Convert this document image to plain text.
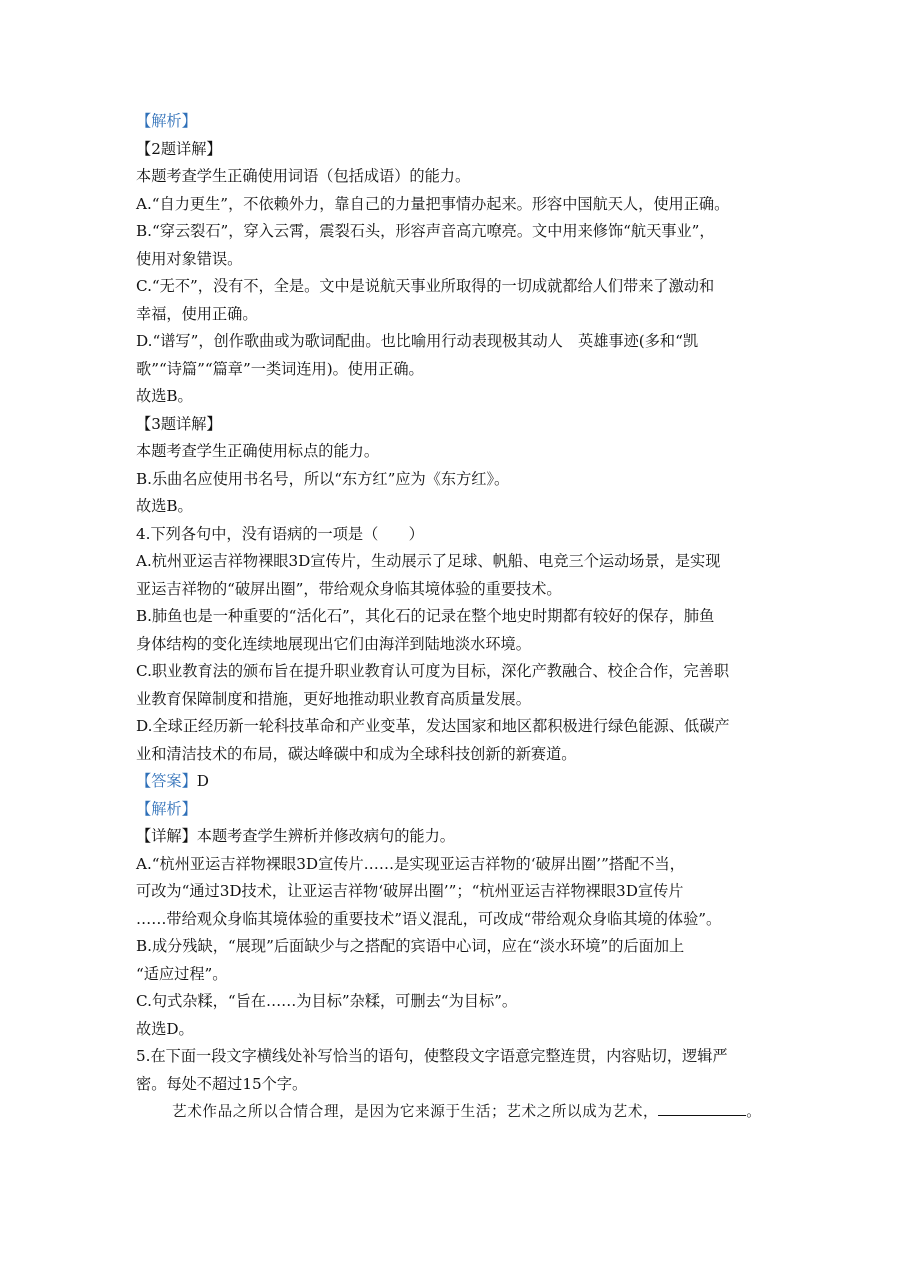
【解析】
【2题详解】
本题考查学生正确使用词语（包括成语）的能力。
A.“自力更生”，不依赖外力，靠自己的力量把事情办起来。形容中国航天人，使用正确。
B.“穿云裂石”，穿入云霄，震裂石头，形容声音高亢嘹亮。文中用来修饰“航天事业”，
使用对象错误。
C.“无不”，没有不，全是。文中是说航天事业所取得的一切成就都给人们带来了激动和
幸福，使用正确。
D.“谱写”，创作歌曲或为歌词配曲。也比喻用行动表现极其动人　英雄事迹(多和“凯
歌”“诗篇”“篇章”一类词连用)。使用正确。
故选B。
【3题详解】
本题考查学生正确使用标点的能力。
B.乐曲名应使用书名号，所以“东方红”应为《东方红》。
故选B。
4.下列各句中，没有语病的一项是（　　）
A.杭州亚运吉祥物裸眼3D宣传片，生动展示了足球、帆船、电竞三个运动场景，是实现
亚运吉祥物的“破屏出圈”，带给观众身临其境体验的重要技术。
B.肺鱼也是一种重要的“活化石”，其化石的记录在整个地史时期都有较好的保存，肺鱼
身体结构的变化连续地展现出它们由海洋到陆地淡水环境。
C.职业教育法的颁布旨在提升职业教育认可度为目标，深化产教融合、校企合作，完善职
业教育保障制度和措施，更好地推动职业教育高质量发展。
D.全球正经历新一轮科技革命和产业变革，发达国家和地区都积极进行绿色能源、低碳产
业和清洁技术的布局，碳达峰碳中和成为全球科技创新的新赛道。
【答案】D
【解析】
【详解】本题考查学生辨析并修改病句的能力。
A.“杭州亚运吉祥物裸眼3D宣传片……是实现亚运吉祥物的‘破屏出圈’”搭配不当，
可改为“通过3D技术，让亚运吉祥物‘破屏出圈’”；“杭州亚运吉祥物裸眼3D宣传片
……带给观众身临其境体验的重要技术”语义混乱，可改成“带给观众身临其境的体验”。
B.成分残缺，“展现”后面缺少与之搭配的宾语中心词，应在“淡水环境”的后面加上
“适应过程”。
C.句式杂糅，“旨在……为目标”杂糅，可删去“为目标”。
故选D。
5.在下面一段文字横线处补写恰当的语句，使整段文字语意完整连贯，内容贴切，逻辑严
密。每处不超过15个字。
艺术作品之所以合情合理，是因为它来源于生活；艺术之所以成为艺术，	。
